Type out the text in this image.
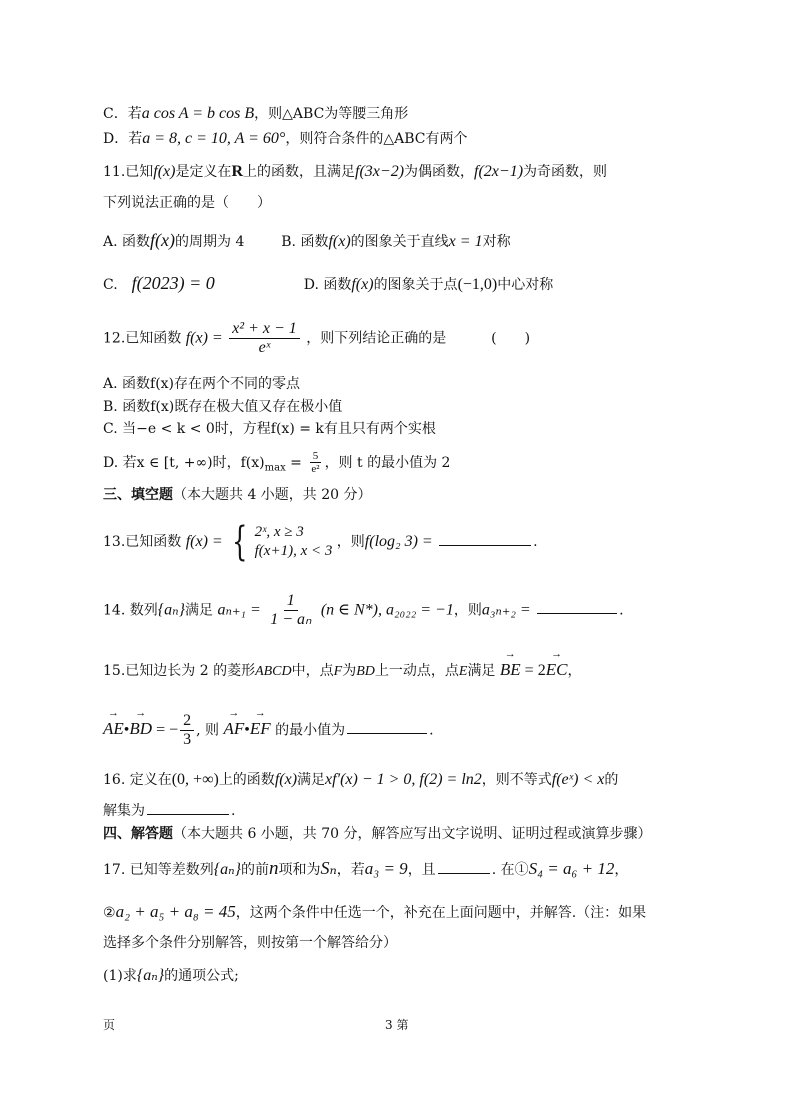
C．若a cos A = b cos B，则△ABC为等腰三角形
D．若a = 8, c = 10, A = 60°，则符合条件的△ABC有两个
11.已知f(x)是定义在R上的函数，且满足f(3x−2)为偶函数，f(2x−1)为奇函数，则
下列说法正确的是（　　）
A. 函数f(x)的周期为 4	B. 函数f(x)的图象关于直线x = 1对称
C. f(2023) = 0	D. 函数f(x)的图象关于点(−1,0)中心对称
12.已知函数 $f(x) = \frac{\text{x² + x − 1}}{\text{eˣ}}$ ，则下列结论正确的是	(　　)
A. 函数f(x)存在两个不同的零点
B. 函数f(x)既存在极大值又存在极小值
C. 当−e < k < 0时，方程f(x) = k有且只有两个实根
D. 若x ∈ [t, +∞)时，$f(x)_{max} = \frac{5}{\text{e²}}$ ，则 t 的最小值为 2
三、填空题（本大题共 4 小题，共 20 分）
13.已知函数 f(x) = { 2ˣ, x ≥ 3
f(x+1), x < 3
，则f(log₂ 3) =	.
14. 数列{aₙ}满足 $a_{n+1} = \frac{1}{\text{1 − aₙ}} (n$ ∈ N*), a₂₀₂₂ = −1，则a₃ₙ₊₂ =	.
15.已知边长为 2 的菱形ABCD中，点F为BD上一动点，点E满足 → BE = 2→ EC，
→ AE•→ BD = − $\frac{2}{3}$ , 则 → AF•→ EF 的最小值为	.
16. 定义在(0, +∞)上的函数f(x)满足xf′(x) − 1 > 0, f(2) = ln2，则不等式f(eˣ) < x的
解集为	.
四、解答题（本大题共 6 小题，共 70 分，解答应写出文字说明、证明过程或演算步骤）
17. 已知等差数列{aₙ}的前n项和为Sₙ，若a₃ = 9，且	. 在①S₄ = a₆ + 12，
②a₂ + a₅ + a₈ = 45，这两个条件中任选一个，补充在上面问题中，并解答.（注：如果
选择多个条件分别解答，则按第一个解答给分）
(1)求{aₙ}的通项公式;
页	3 第
